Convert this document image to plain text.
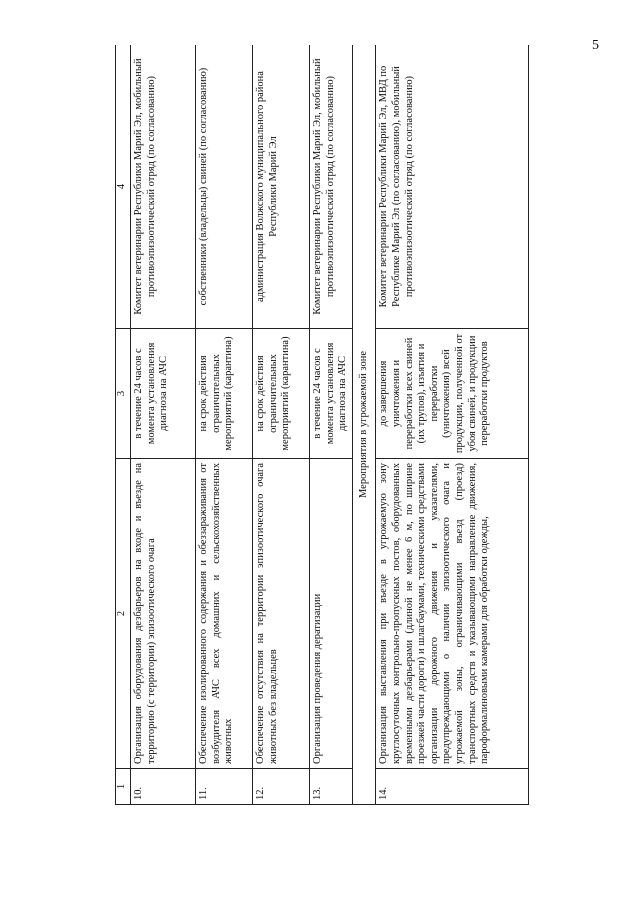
5
1	2	3	4
10.	Организация оборудования дезбарьеров на входе и въезде на территорию (с территории) эпизоотического очага	в течение 24 часов с момента установления диагноза на АЧС	Комитет ветеринарии Республики Марий Эл, мобильный противоэпизоотический отряд (по согласованию)
11.	Обеспечение изолированного содержания и обеззараживания от возбудителя АЧС всех домашних и сельскохозяйственных животных	на срок действия ограничительных мероприятий (карантина)	собственники (владельцы) свиней (по согласованию)
12.	Обеспечение отсутствия на территории эпизоотического очага животных без владельцев	на срок действия ограничительных мероприятий (карантина)	администрация Волжского муниципального района Республики Марий Эл
13.	Организация проведения дератизации	в течение 24 часов с момента установления диагноза на АЧС	Комитет ветеринарии Республики Марий Эл, мобильный противоэпизоотический отряд (по согласованию)
Мероприятия в угрожаемой зоне			
14.	Организация выставления при въезде в угрожаемую зону круглосуточных контрольно-пропускных постов, оборудованных временными дезбарьерами (длиной не менее 6 м, по ширине проезжей части дороги) и шлагбаумами, техническими средствами организации дорожного движения и указателями, предупреждающими о наличии эпизоотического очага и угрожаемой зоны, ограничивающими въезд (проезд) транспортных средств и указывающими направление движения, пароформалиновыми камерами для обработки одежды,	до завершения уничтожения и переработки всех свиней (их трупов), изъятия и переработки (уничтожения) всей продукции, полученной от убоя свиней, и продукции переработки продуктов	Комитет ветеринарии Республики Марий Эл, МВД по Республике Марий Эл (по согласованию), мобильный противоэпизоотический отряд (по согласованию)
